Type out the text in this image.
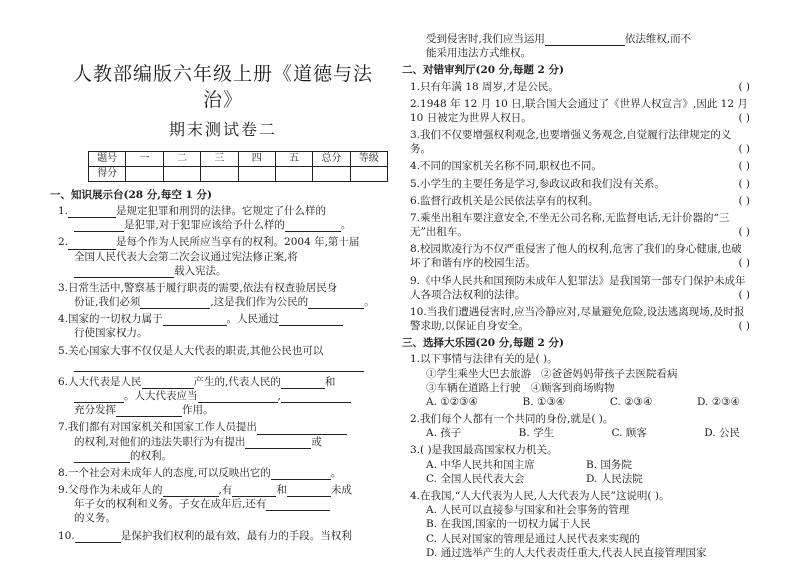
人教部编版六年级上册《道德与法治》
期末测试卷二
题号	一	二	三	四	五	总分	等级
得分							
一、知识展示台(28 分,每空 1 分)
1.	是规定犯罪和刑罚的法律。它规定了什么样的
是犯罪,对于犯罪应该给予什么样的	。
2.	是每个作为人民所应当享有的权利。2004 年,第十届
全国人民代表大会第二次会议通过宪法修正案,将
载入宪法。
3.日常生活中,警察基于履行职责的需要,依法有权查验居民身
份证,我们必须	,这是我们作为公民的	。
4.国家的一切权力属于	。人民通过
行使国家权力。
5.关心国家大事不仅仅是人大代表的职责,其他公民也可以

6.人大代表是人民	产生的,代表人民的	和
。人大代表应当	,
充分发挥	作用。
7.我们都有对国家机关和国家工作人员提出
的权利,对他们的违法失职行为有提出	或
的权利。
8.一个社会对未成年人的态度,可以反映出它的	。
9.父母作为未成年人的	,有	和	未成
年子女的权利和义务。子女在成年后,还有
的义务。
10.	是保护我们权利的最有效、最有力的手段。当权利
受到侵害时,我们应当运用	依法维权,而不
能采用违法方式维权。
二、对错审判厅(20 分,每题 2 分)
1.只有年满 18 周岁,才是公民。	( )
2.1948 年 12 月 10 日,联合国大会通过了《世界人权宣言》,因此 12 月 10 日被定为世界人权日。	( )
3.我们不仅要增强权利观念,也要增强义务观念,自觉履行法律规定的义务。	( )
4.不同的国家机关名称不同,职权也不同。	( )
5.小学生的主要任务是学习,参政议政和我们没有关系。	( )
6.监督行政机关是公民依法享有的权利。	( )
7.乘坐出租车要注意安全,不坐无公司名称,无监督电话,无计价器的“三无”出租车。	( )
8.校园欺凌行为不仅严重侵害了他人的权利,危害了我们的身心健康,也破坏了和谐有序的校园生活。	( )
9.《中华人民共和国预防未成年人犯罪法》是我国第一部专门保护未成年人各项合法权利的法律。	( )
10.当我们遭遇侵害时,应当冷静应对,尽量避免危险,设法逃离现场,及时报警求助,以保证自身安全。	( )
三、选择大乐园(20 分,每题 2 分)
1.以下事情与法律有关的是( )。
①学生乘坐大巴去旅游 ②爸爸妈妈带孩子去医院看病
③车辆在道路上行驶 ④顾客到商场购物
A. ①②③④	B. ①③④	C. ②③④	D. ②③④
2.我们每个人都有一个共同的身份,就是( )。
A. 孩子	B. 学生	C. 顾客	D. 公民
3.( )是我国最高国家权力机关。
A. 中华人民共和国主席	B. 国务院
C. 全国人民代表大会	D. 人民法院
4.在我国,“人大代表为人民,人大代表为人民”这说明( )。
A. 人民可以直接参与国家和社会事务的管理
B. 在我国,国家的一切权力属于人民
C. 人民对国家的管理是通过人民代表来实现的
D. 通过选举产生的人大代表责任重大,代表人民直接管理国家
